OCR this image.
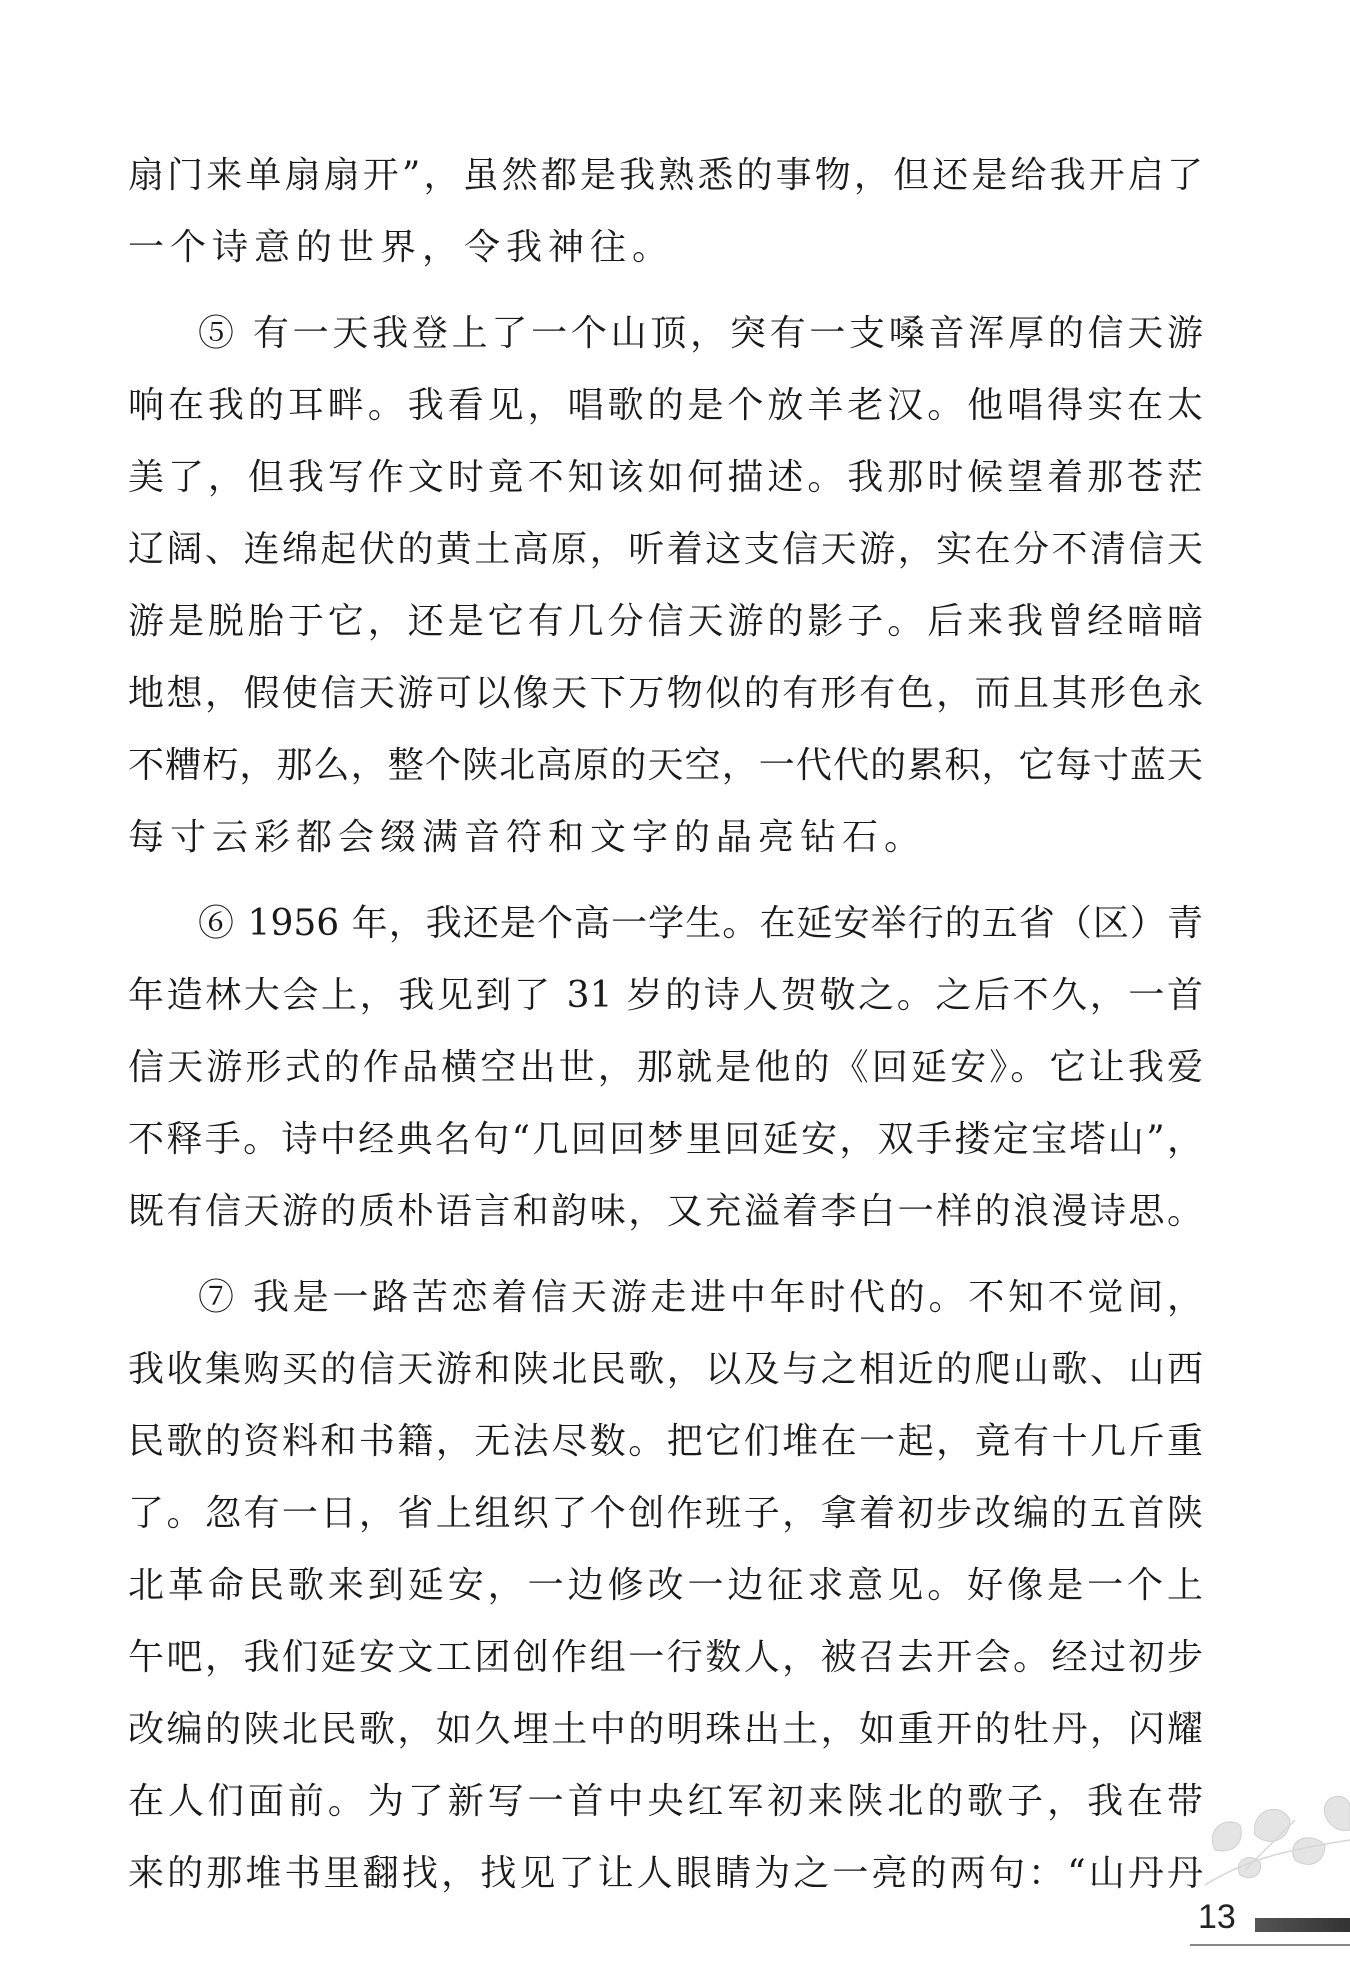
扇门来单扇扇开”，虽然都是我熟悉的事物，但还是给我开启了
一个诗意的世界，令我神往。
⑤ 有一天我登上了一个山顶，突有一支嗓音浑厚的信天游
响在我的耳畔。我看见，唱歌的是个放羊老汉。他唱得实在太
美了，但我写作文时竟不知该如何描述。我那时候望着那苍茫
辽阔、连绵起伏的黄土高原，听着这支信天游，实在分不清信天
游是脱胎于它，还是它有几分信天游的影子。后来我曾经暗暗
地想，假使信天游可以像天下万物似的有形有色，而且其形色永
不糟朽，那么，整个陕北高原的天空，一代代的累积，它每寸蓝天
每寸云彩都会缀满音符和文字的晶亮钻石。
⑥ 1956 年，我还是个高一学生。在延安举行的五省（区）青
年造林大会上，我见到了 31 岁的诗人贺敬之。之后不久，一首
信天游形式的作品横空出世，那就是他的《回延安》。它让我爱
不释手。诗中经典名句“几回回梦里回延安，双手搂定宝塔山”，
既有信天游的质朴语言和韵味，又充溢着李白一样的浪漫诗思。
⑦ 我是一路苦恋着信天游走进中年时代的。不知不觉间，
我收集购买的信天游和陕北民歌，以及与之相近的爬山歌、山西
民歌的资料和书籍，无法尽数。把它们堆在一起，竟有十几斤重
了。忽有一日，省上组织了个创作班子，拿着初步改编的五首陕
北革命民歌来到延安，一边修改一边征求意见。好像是一个上
午吧，我们延安文工团创作组一行数人，被召去开会。经过初步
改编的陕北民歌，如久埋土中的明珠出土，如重开的牡丹，闪耀
在人们面前。为了新写一首中央红军初来陕北的歌子，我在带
来的那堆书里翻找，找见了让人眼睛为之一亮的两句：“山丹丹
13
